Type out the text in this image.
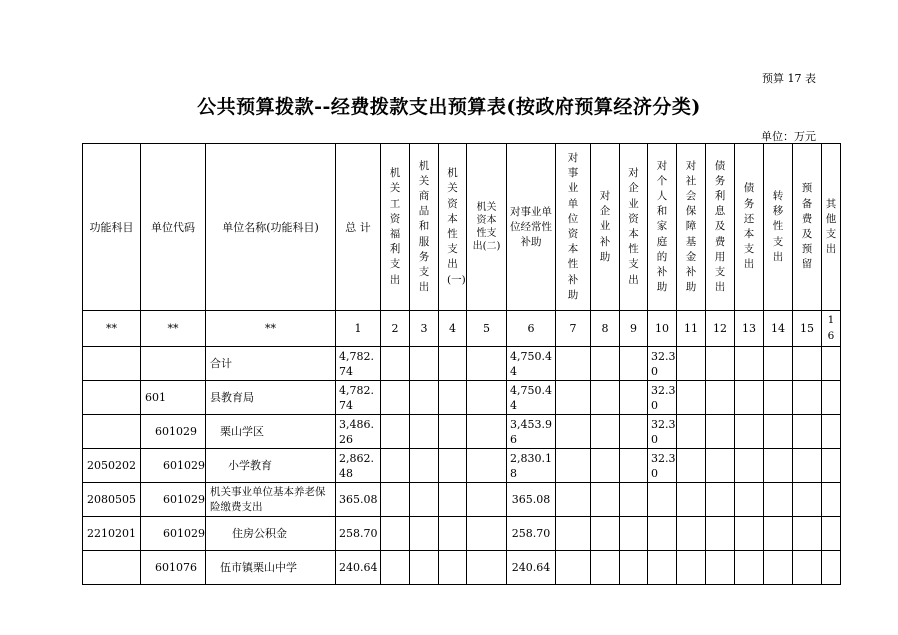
预算 17 表
公共预算拨款--经费拨款支出预算表(按政府预算经济分类)
单位：万元
功能科目	单位代码	单位名称(功能科目)	总 计	机关工资福利支出	机关商品和服务支出	机关资本性支出(一)	机关资本性支出(二)	对事业单位经常性补助	对事业单位资本性补助	对企业补助	对企业资本性支出	对个人和家庭的补助	对社会保障基金补助	债务利息及费用支出	债务还本支出	转移性支出	预备费及预留	其他支出
**	**	**	1	2	3	4	5	6	7	8	9	10	11	12	13	14	15	16
		合计	4,782.74					4,750.44				32.30						
	601	县教育局	4,782.74					4,750.44				32.30						
	601029	栗山学区	3,486.26					3,453.96				32.30						
2050202	601029	小学教育	2,862.48					2,830.18				32.30						
2080505	601029	机关事业单位基本养老保险缴费支出	365.08					365.08										
2210201	601029	住房公积金	258.70					258.70										
	601076	伍市镇栗山中学	240.64					240.64										
